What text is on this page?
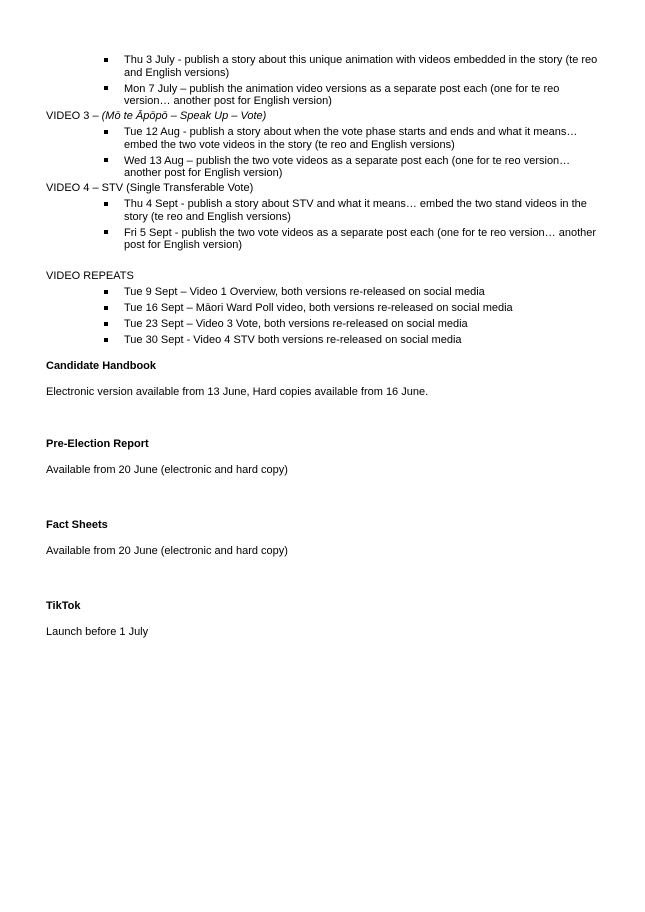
Thu 3 July - publish a story about this unique animation with videos embedded in the story (te reo and English versions)
Mon 7 July – publish the animation video versions as a separate post each (one for te reo version… another post for English version)
VIDEO 3 – (Mō te Āpōpō – Speak Up – Vote)
Tue 12 Aug - publish a story about when the vote phase starts and ends and what it means… embed the two vote videos in the story (te reo and English versions)
Wed 13 Aug – publish the two vote videos as a separate post each (one for te reo version… another post for English version)
VIDEO 4 – STV (Single Transferable Vote)
Thu 4 Sept - publish a story about STV and what it means… embed the two stand videos in the story (te reo and English versions)
Fri 5 Sept - publish the two vote videos as a separate post each (one for te reo version… another post for English version)
VIDEO REPEATS
Tue 9 Sept – Video 1 Overview, both versions re-released on social media
Tue 16 Sept – Māori Ward Poll video, both versions re-released on social media
Tue 23 Sept – Video 3 Vote, both versions re-released on social media
Tue 30 Sept - Video 4 STV both versions re-released on social media
Candidate Handbook
Electronic version available from 13 June, Hard copies available from 16 June.
Pre-Election Report
Available from 20 June (electronic and hard copy)
Fact Sheets
Available from 20 June (electronic and hard copy)
TikTok
Launch before 1 July
